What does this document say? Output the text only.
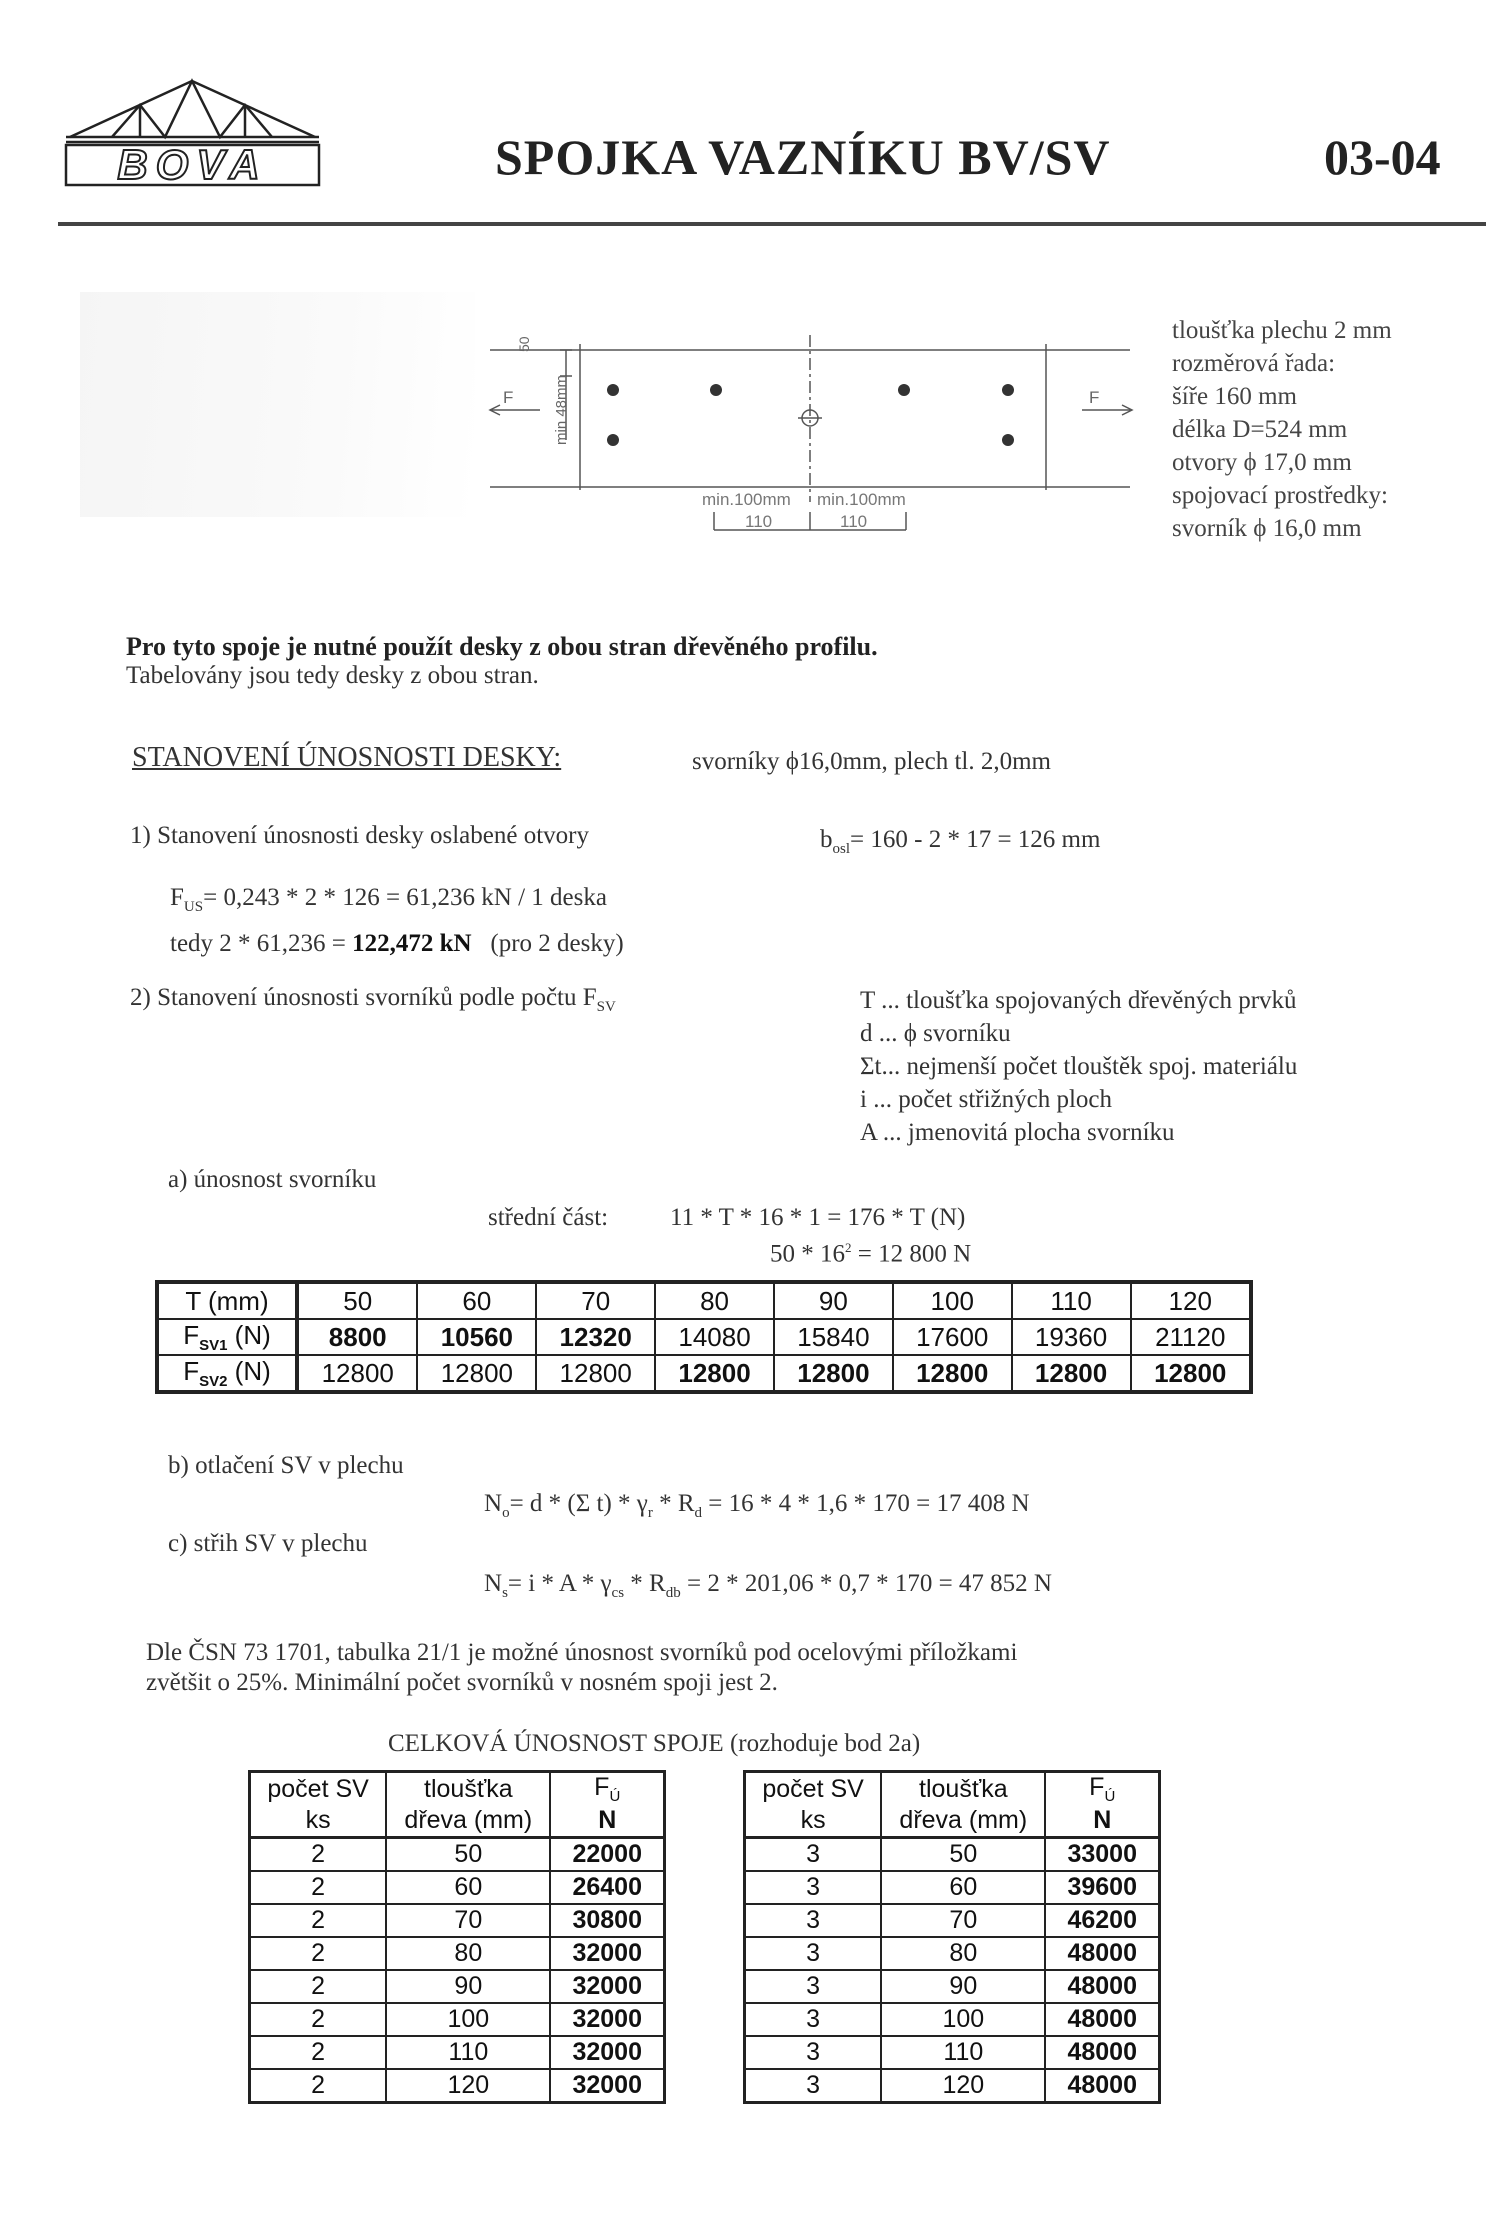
BOVA	SPOJKA VAZNÍKU BV/SV	03-04
50
min 48mm
F	F
min.100mm min.100mm
110	110
tloušťka plechu 2 mm
rozměrová řada:
šíře 160 mm
délka D=524 mm
otvory ϕ 17,0 mm
spojovací prostředky:
svorník ϕ 16,0 mm
Pro tyto spoje je nutné použít desky z obou stran dřevěného profilu.
Tabelovány jsou tedy desky z obou stran.
STANOVENÍ ÚNOSNOSTI DESKY:	svorníky ϕ16,0mm, plech tl. 2,0mm
1) Stanovení únosnosti desky oslabené otvory	$b_{osl}= 160 - 2 * 17 = 126$ mm
$F_{US}= 0,243 * 2 * 126 = 61,236$ kN / 1 deska
tedy 2 * 61,236 = 122,472 kN (pro 2 desky)
2) Stanovení únosnosti svorníků podle počtu $F_{SV}$	T ... tloušťka spojovaných dřevěných prvků
d ... ϕ svorníku
Σt... nejmenší počet tlouštěk spoj. materiálu
i ... počet střižných ploch
A ... jmenovitá plocha svorníku
a) únosnost svorníku
střední část: 11 * T * 16 * 1 = 176 * T (N)
$50 * 16^2 = 12$ 800 N
T (mm)	50	60	70	80	90	100	110	120
$F_{SV1}$ (N)	8800	10560	12320	14080	15840	17600	19360	21120
$F_{SV2}$ (N)	12800	12800	12800	12800	12800	12800	12800	12800
b) otlačení SV v plechu
$N_o= d * (\Sigma$ $t) * \gamma_r * R_d = 16 * 4 * 1,6 * 170 = 17$ 408 N
c) střih SV v plechu
$N_s= i * A * \gamma_{cs} * R_{db} = 2 * 201,06 * 0,7 * 170 = 47$ 852 N
Dle ČSN 73 1701, tabulka 21/1 je možné únosnost svorníků pod ocelovými příložkami
zvětšit o 25%. Minimální počet svorníků v nosném spoji jest 2.
CELKOVÁ ÚNOSNOST SPOJE (rozhoduje bod 2a)
počet SV	tloušťka	$F_Ú$
ks	dřeva (mm)	N
2	50	22000
2	60	26400
2	70	30800
2	80	32000
2	90	32000
2	100	32000
2	110	32000
2	120	32000
počet SV	tloušťka	$F_Ú$
ks	dřeva (mm)	N
3	50	33000
3	60	39600
3	70	46200
3	80	48000
3	90	48000
3	100	48000
3	110	48000
3	120	48000
